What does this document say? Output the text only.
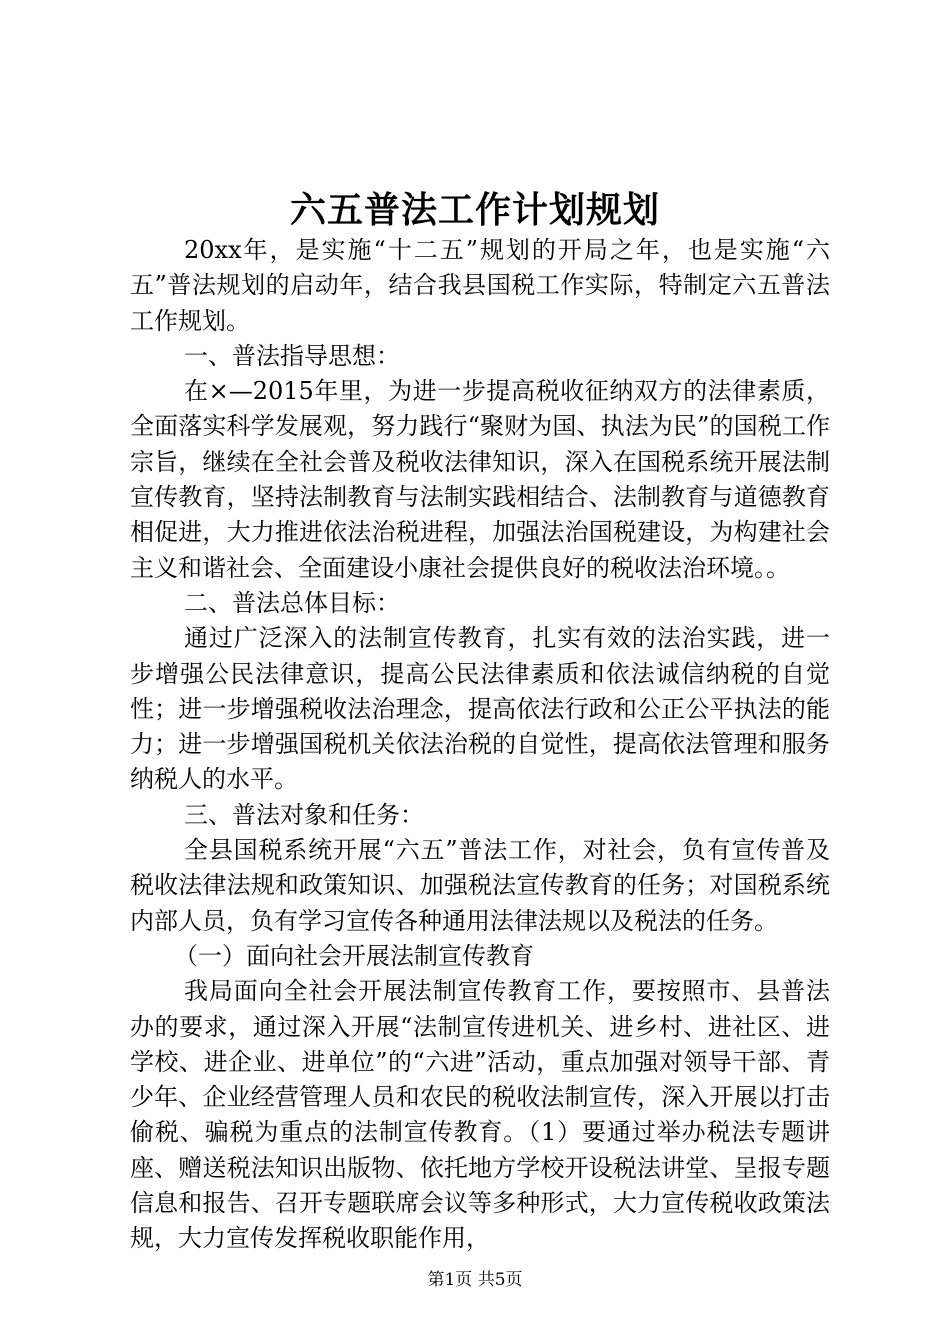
六五普法工作计划规划

20xx年，是实施“十二五”规划的开局之年，也是实施“六五”普法规划的启动年，结合我县国税工作实际，特制定六五普法工作规划。

一、普法指导思想：

在×—2015年里，为进一步提高税收征纳双方的法律素质，全面落实科学发展观，努力践行“聚财为国、执法为民”的国税工作宗旨，继续在全社会普及税收法律知识，深入在国税系统开展法制宣传教育，坚持法制教育与法制实践相结合、法制教育与道德教育相促进，大力推进依法治税进程，加强法治国税建设，为构建社会主义和谐社会、全面建设小康社会提供良好的税收法治环境。。

二、普法总体目标：

通过广泛深入的法制宣传教育，扎实有效的法治实践，进一步增强公民法律意识，提高公民法律素质和依法诚信纳税的自觉性；进一步增强税收法治理念，提高依法行政和公正公平执法的能力；进一步增强国税机关依法治税的自觉性，提高依法管理和服务纳税人的水平。

三、普法对象和任务：

全县国税系统开展“六五”普法工作，对社会，负有宣传普及税收法律法规和政策知识、加强税法宣传教育的任务；对国税系统内部人员，负有学习宣传各种通用法律法规以及税法的任务。

（一）面向社会开展法制宣传教育

我局面向全社会开展法制宣传教育工作，要按照市、县普法办的要求，通过深入开展“法制宣传进机关、进乡村、进社区、进学校、进企业、进单位”的“六进”活动，重点加强对领导干部、青少年、企业经营管理人员和农民的税收法制宣传，深入开展以打击偷税、骗税为重点的法制宣传教育。（1）要通过举办税法专题讲座、赠送税法知识出版物、依托地方学校开设税法讲堂、呈报专题信息和报告、召开专题联席会议等多种形式，大力宣传税收政策法规，大力宣传发挥税收职能作用，

第1页 共5页
